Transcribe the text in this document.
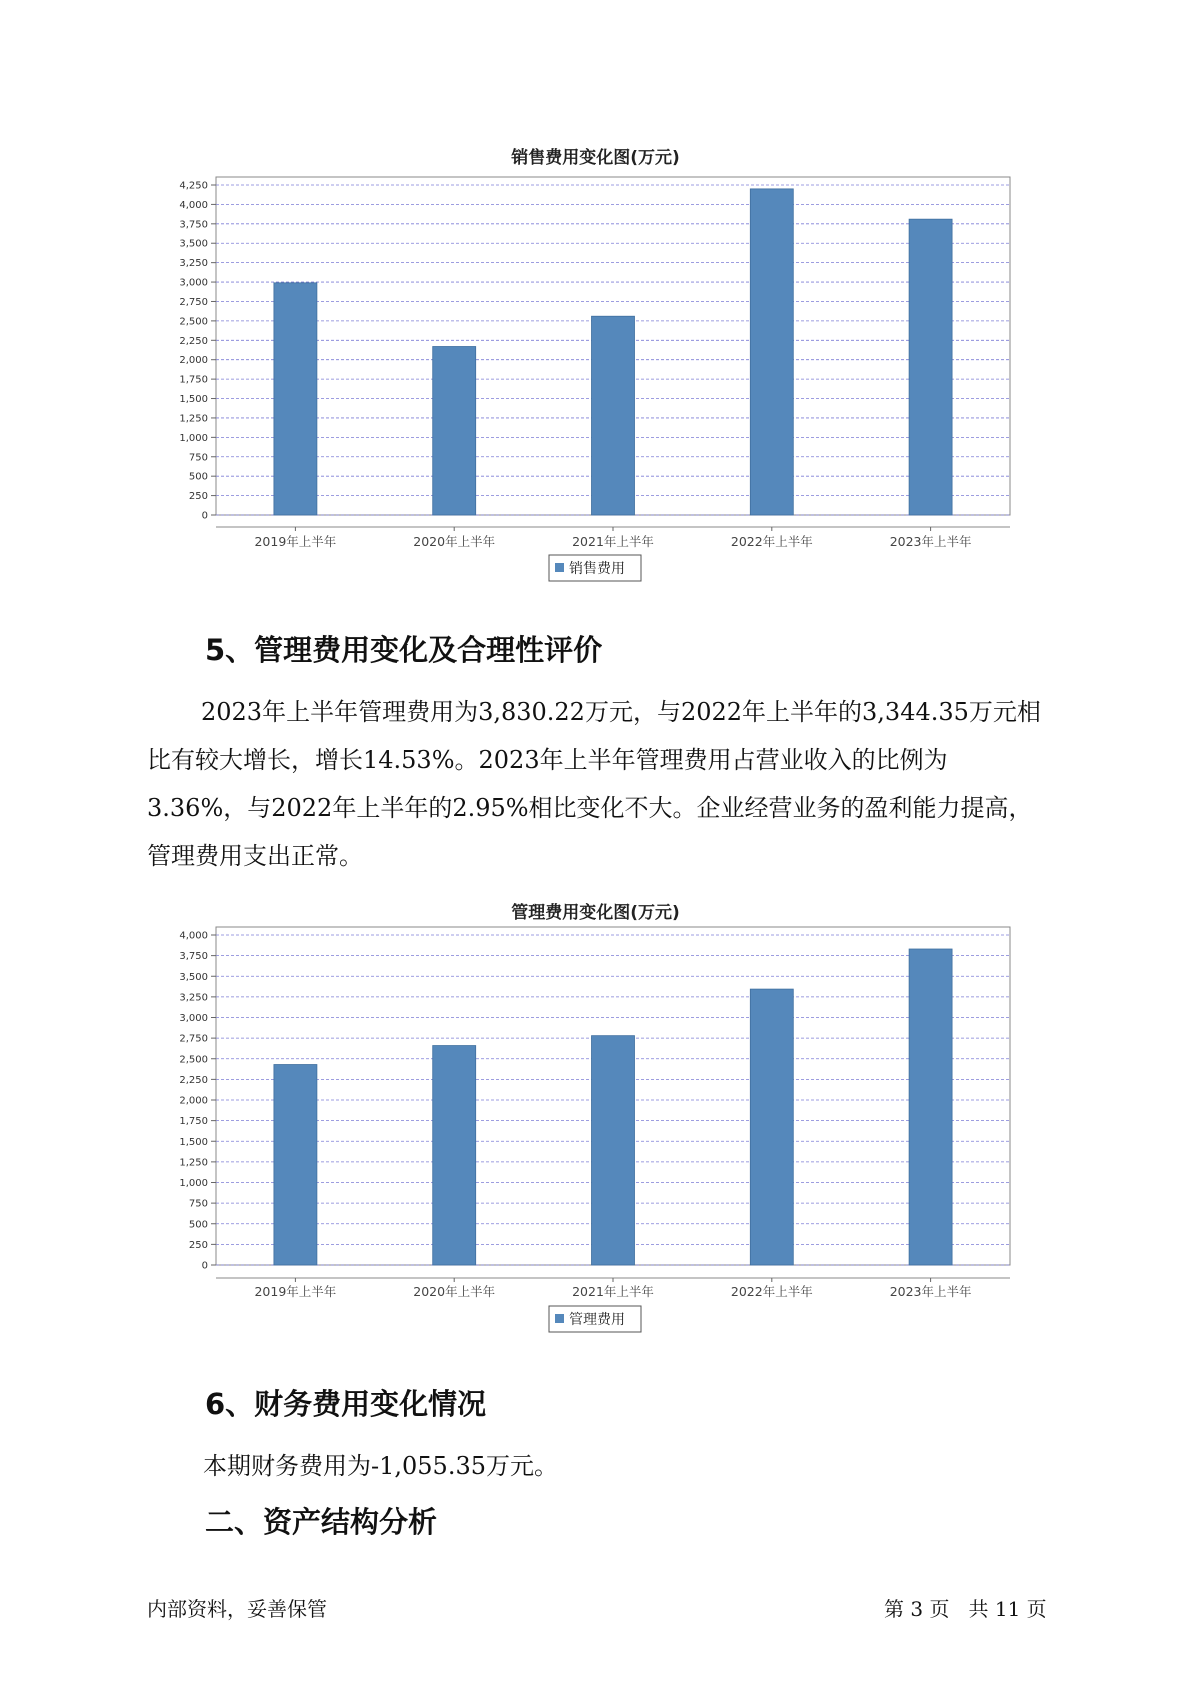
销售费用变化图(万元)
0
250
500
750
1,000
1,250
1,500
1,750
2,000
2,250
2,500
2,750
3,000
3,250
3,500
3,750
4,000
4,250
2019年上半年	2020年上半年	2021年上半年	2022年上半年	2023年上半年
销售费用
5、管理费用变化及合理性评价

2023年上半年管理费用为3,830.22万元，与2022年上半年的3,344.35万元相比有较大增长，增长14.53%。2023年上半年管理费用占营业收入的比例为3.36%，与2022年上半年的2.95%相比变化不大。企业经营业务的盈利能力提高，管理费用支出正常。

管理费用变化图(万元)
0
250
500
750
1,000
1,250
1,500
1,750
2,000
2,250
2,500
2,750
3,000
3,250
3,500
3,750
4,000
2019年上半年	2020年上半年	2021年上半年	2022年上半年	2023年上半年
管理费用
6、财务费用变化情况

本期财务费用为-1,055.35万元。

二、资产结构分析
内部资料，妥善保管	第 3 页   共 11 页
